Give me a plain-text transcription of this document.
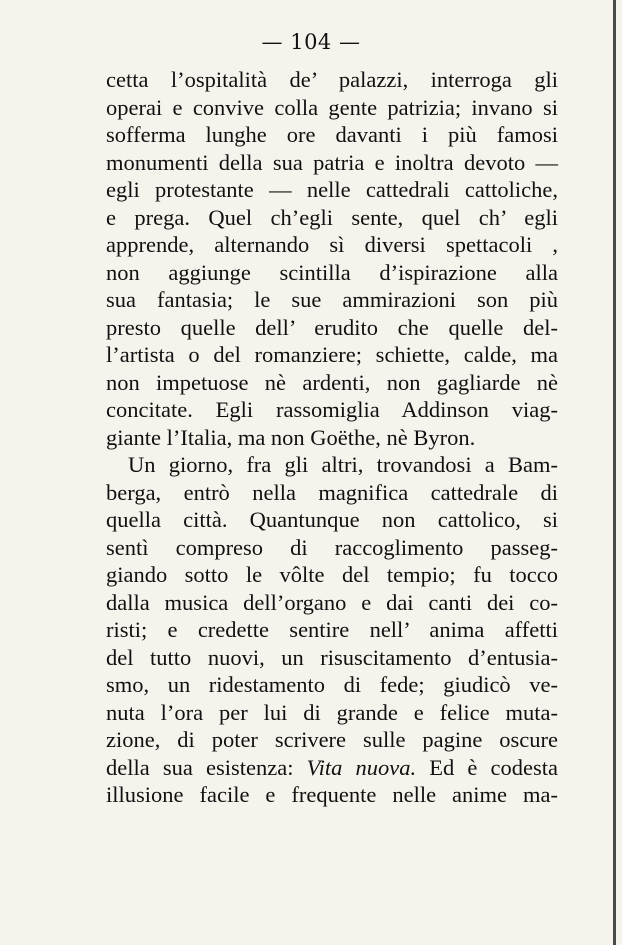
— 104 —
cetta l’ospitalità de’ palazzi, interroga gli
operai e convive colla gente patrizia; invano si
sofferma lunghe ore davanti i più famosi
monumenti della sua patria e inoltra devoto —
egli protestante — nelle cattedrali cattoliche,
e prega. Quel ch’egli sente, quel ch’ egli
apprende, alternando sì diversi spettacoli ,
non aggiunge scintilla d’ispirazione alla
sua fantasia; le sue ammirazioni son più
presto quelle dell’ erudito che quelle del-
l’artista o del romanziere; schiette, calde, ma
non impetuose nè ardenti, non gagliarde nè
concitate. Egli rassomiglia Addinson viag-
giante l’Italia, ma non Goëthe, nè Byron.
Un giorno, fra gli altri, trovandosi a Bam-
berga, entrò nella magnifica cattedrale di
quella città. Quantunque non cattolico, si
sentì compreso di raccoglimento passeg-
giando sotto le vôlte del tempio; fu tocco
dalla musica dell’organo e dai canti dei co-
risti; e credette sentire nell’ anima affetti
del tutto nuovi, un risuscitamento d’entusia-
smo, un ridestamento di fede; giudicò ve-
nuta l’ora per lui di grande e felice muta-
zione, di poter scrivere sulle pagine oscure
della sua esistenza: Vita nuova. Ed è codesta
illusione facile e frequente nelle anime ma-
